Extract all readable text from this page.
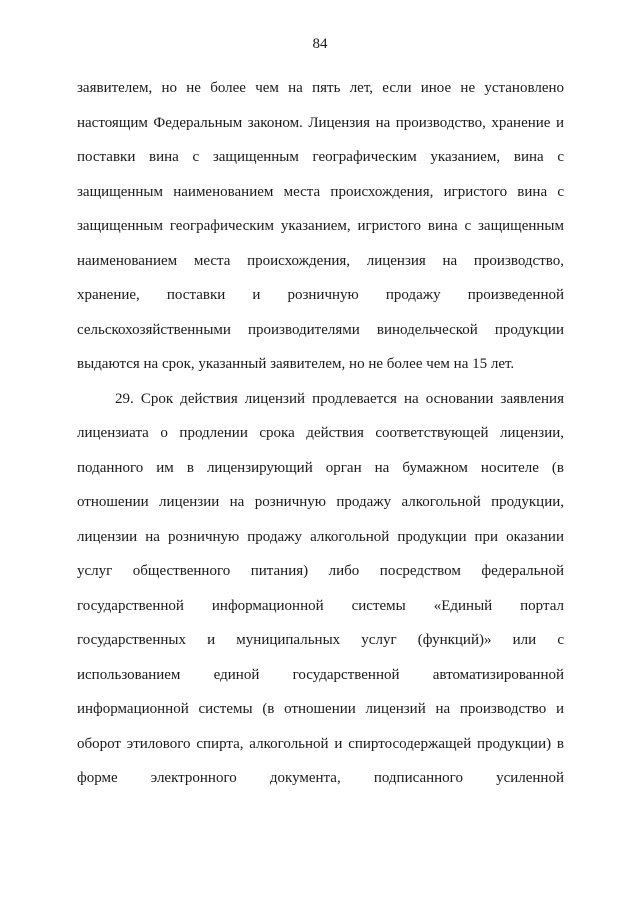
84
заявителем, но не более чем на пять лет, если иное не установлено
настоящим Федеральным законом. Лицензия на производство, хранение и
поставки вина с защищенным географическим указанием, вина с
защищенным наименованием места происхождения, игристого вина с
защищенным географическим указанием, игристого вина с защищенным
наименованием места происхождения, лицензия на производство,
хранение, поставки и розничную продажу произведенной
сельскохозяйственными производителями винодельческой продукции
выдаются на срок, указанный заявителем, но не более чем на 15 лет.
29. Срок действия лицензий продлевается на основании заявления
лицензиата о продлении срока действия соответствующей лицензии,
поданного им в лицензирующий орган на бумажном носителе (в
отношении лицензии на розничную продажу алкогольной продукции,
лицензии на розничную продажу алкогольной продукции при оказании
услуг общественного питания) либо посредством федеральной
государственной информационной системы «Единый портал
государственных и муниципальных услуг (функций)» или с
использованием единой государственной автоматизированной
информационной системы (в отношении лицензий на производство и
оборот этилового спирта, алкогольной и спиртосодержащей продукции) в
форме электронного документа, подписанного усиленной
